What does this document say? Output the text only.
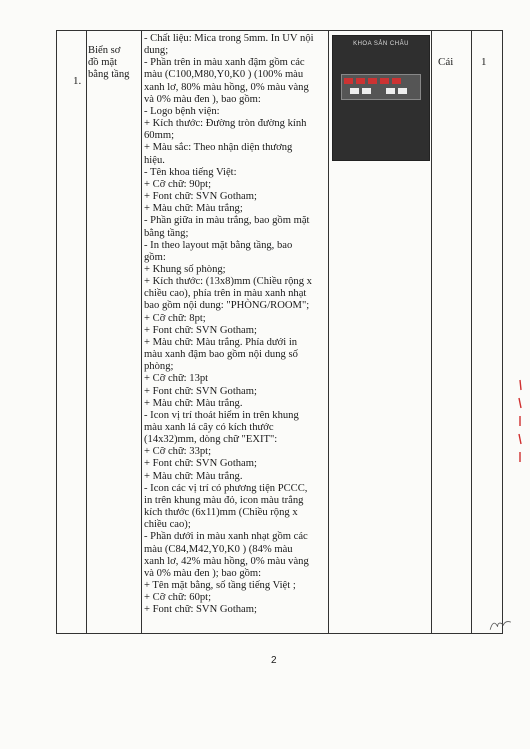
1.
Biển sơ
đồ mặt
bằng tầng
- Chất liệu: Mica trong 5mm. In UV nội
dung;
- Phần trên in màu xanh đậm gồm các
màu (C100,M80,Y0,K0 ) (100% màu
xanh lơ, 80% màu hồng, 0% màu vàng
và 0% màu đen ), bao gồm:
- Logo bệnh viện:
+ Kích thước: Đường tròn đường kính
60mm;
+ Màu sắc: Theo nhận diện thương
hiệu.
- Tên khoa tiếng Việt:
+ Cỡ chữ: 90pt;
+ Font chữ: SVN Gotham;
+ Màu chữ: Màu trắng;
- Phần giữa in màu trắng, bao gồm mặt
bằng tầng;
- In theo layout mặt bằng tầng, bao
gồm:
+ Khung số phòng;
+ Kích thước: (13x8)mm (Chiều rộng x
chiều cao), phía trên in màu xanh nhạt
bao gồm nội dung: "PHÒNG/ROOM";
+ Cỡ chữ: 8pt;
+ Font chữ: SVN Gotham;
+ Màu chữ: Màu trắng. Phía dưới in
màu xanh đậm bao gồm nội dung số
phòng;
+ Cỡ chữ: 13pt
+ Font chữ: SVN Gotham;
+ Màu chữ: Màu trắng.
- Icon vị trí thoát hiểm in trên khung
màu xanh lá cây có kích thước
(14x32)mm, dòng chữ "EXIT":
+ Cỡ chữ: 33pt;
+ Font chữ: SVN Gotham;
+ Màu chữ: Màu trắng.
- Icon các vị trí có phương tiện PCCC,
in trên khung màu đỏ, icon màu trắng
kích thước (6x11)mm (Chiều rộng x
chiều cao);
- Phần dưới in màu xanh nhạt gồm các
màu (C84,M42,Y0,K0 ) (84% màu
xanh lơ, 42% màu hồng, 0% màu vàng
và 0% màu đen ); bao gồm:
+ Tên mặt bằng, số tầng tiếng Việt ;
+ Cỡ chữ: 60pt;
+ Font chữ: SVN Gotham;
KHOA SẢN CHÂU
Cái	1
2
